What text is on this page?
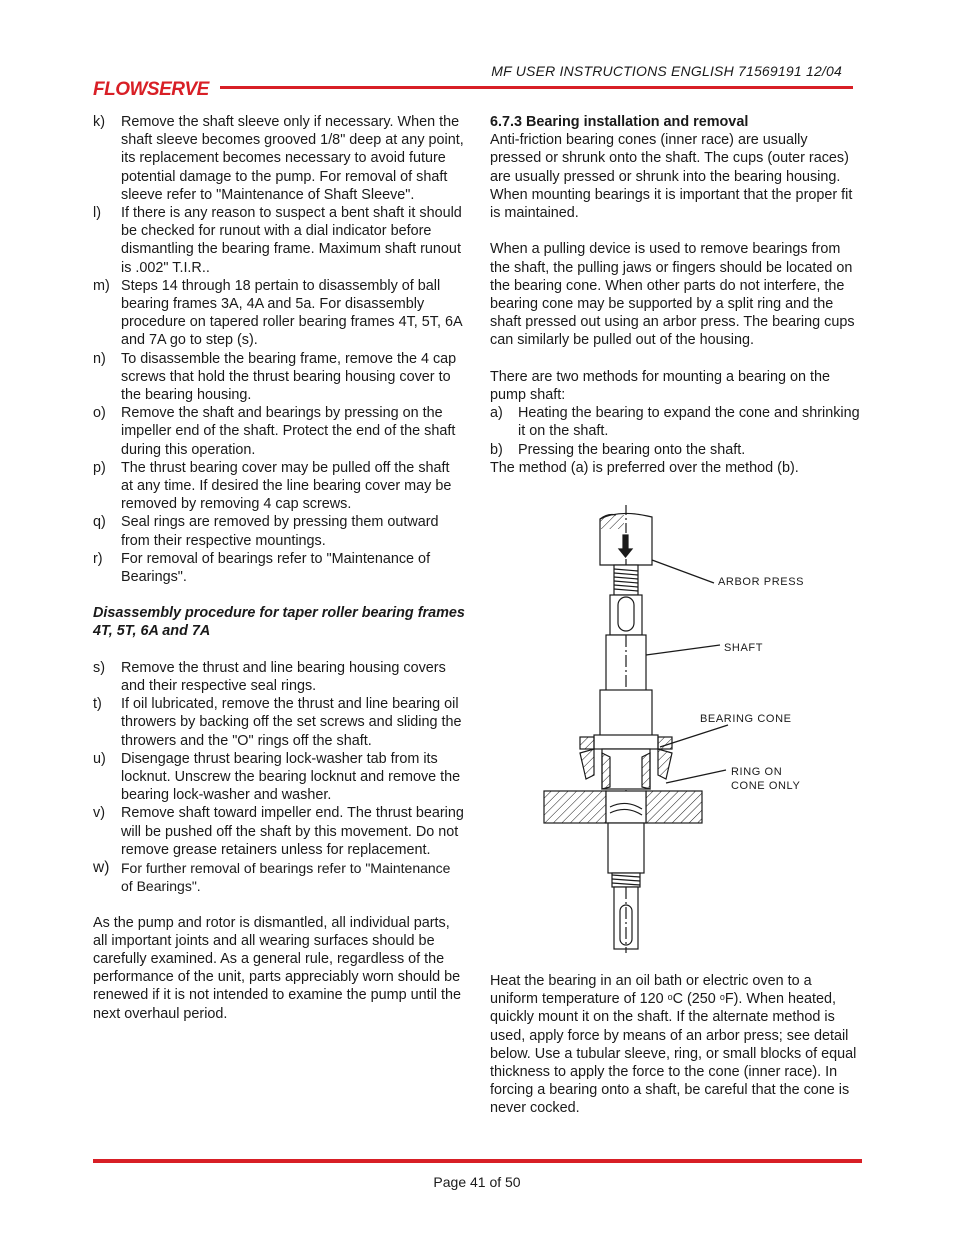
MF USER INSTRUCTIONS ENGLISH 71569191 12/04
FLOWSERVE
k)	Remove the shaft sleeve only if necessary. When the shaft sleeve becomes grooved 1/8" deep at any point, its replacement becomes necessary to avoid future potential damage to the pump. For removal of shaft sleeve refer to "Maintenance of Shaft Sleeve".
l)	If there is any reason to suspect a bent shaft it should be checked for runout with a dial indicator before dismantling the bearing frame. Maximum shaft runout is .002" T.I.R..
m) Steps 14 through 18 pertain to disassembly of ball bearing frames 3A, 4A and 5a. For disassembly procedure on tapered roller bearing frames 4T, 5T, 6A and 7A go to step (s).
n)	To disassemble the bearing frame, remove the 4 cap screws that hold the thrust bearing housing cover to the bearing housing.
o)	Remove the shaft and bearings by pressing on the impeller end of the shaft. Protect the end of the shaft during this operation.
p)	The thrust bearing cover may be pulled off the shaft at any time. If desired the line bearing cover may be removed by removing 4 cap screws.
q)	Seal rings are removed by pressing them outward from their respective mountings.
r)	For removal of bearings refer to "Maintenance of Bearings".
Disassembly procedure for taper roller bearing frames 4T, 5T, 6A and 7A
s)	Remove the thrust and line bearing housing covers and their respective seal rings.
t)	If oil lubricated, remove the thrust and line bearing oil throwers by backing off the set screws and sliding the throwers and the "O" rings off the shaft.
u)	Disengage thrust bearing lock-washer tab from its locknut. Unscrew the bearing locknut and remove the bearing lock-washer and washer.
v)	Remove shaft toward impeller end. The thrust bearing will be pushed off the shaft by this movement. Do not remove grease retainers unless for replacement.
w) For further removal of bearings refer to "Maintenance of Bearings".

As the pump and rotor is dismantled, all individual parts, all important joints and all wearing surfaces should be carefully examined. As a general rule, regardless of the performance of the unit, parts appreciably worn should be renewed if it is not intended to examine the pump until the next overhaul period.

6.7.3 Bearing installation and removal

Anti-friction bearing cones (inner race) are usually pressed or shrunk onto the shaft. The cups (outer races) are usually pressed or shrunk into the bearing housing. When mounting bearings it is important that the proper fit is maintained.

When a pulling device is used to remove bearings from the shaft, the pulling jaws or fingers should be located on the bearing cone. When other parts do not interfere, the bearing cone may be supported by a split ring and the shaft pressed out using an arbor press. The bearing cups can similarly be pulled out of the housing.

There are two methods for mounting a bearing on the pump shaft:

a)	Heating the bearing to expand the cone and shrinking it on the shaft.
b)	Pressing the bearing onto the shaft.

The method (a) is preferred over the method (b).

ARBOR PRESS
SHAFT
BEARING CONE
RING ON
CONE ONLY
Heat the bearing in an oil bath or electric oven to a uniform temperature of 120 $^o$C (250 $^o$F). When heated, quickly mount it on the shaft. If the alternate method is used, apply force by means of an arbor press; see detail below. Use a tubular sleeve, ring, or small blocks of equal thickness to apply the force to the cone (inner race). In forcing a bearing onto a shaft, be careful that the cone is never cocked.
Page 41 of 50
